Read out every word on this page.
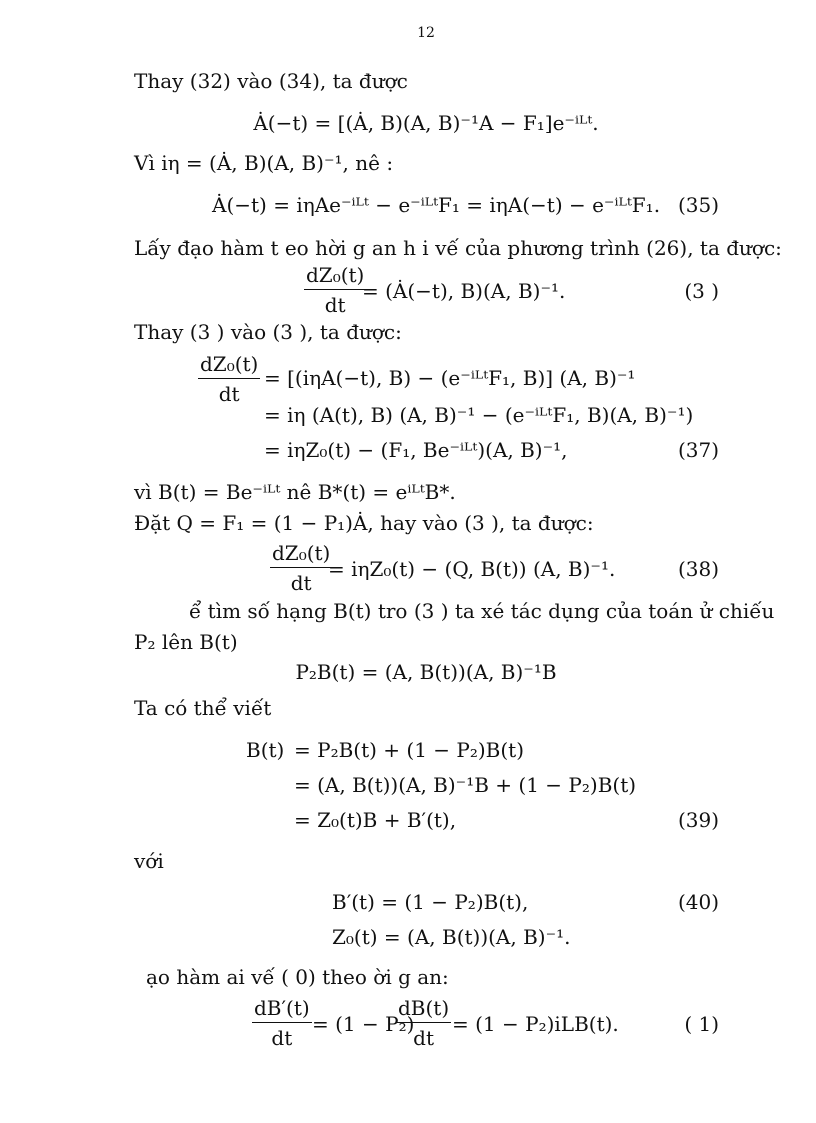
12
Thay (32) vào (34), ta được
Ȧ(−t) = [(Ȧ, B)(A, B)⁻¹A − F₁]e⁻ⁱᴸᵗ.
Vì iη = (Ȧ, B)(A, B)⁻¹, nê :
Ȧ(−t) = iηAe⁻ⁱᴸᵗ − e⁻ⁱᴸᵗF₁ = iηA(−t) − e⁻ⁱᴸᵗF₁. (35)
Lấy đạo hàm t eo hời g an h i vế của phương trình (26), ta được:
$\frac{\text{dZ₀(t)}}{dt}$
= (Ȧ(−t), B)(A, B)⁻¹.	(3 )
Thay (3 ) vào (3 ), ta được:
$\frac{\text{dZ₀(t)}}{dt} = [(i\eta A(-t)$, B) − (e⁻ⁱᴸᵗF₁, B)] (A, B)⁻¹
= iη (A(t), B) (A, B)⁻¹ − (e⁻ⁱᴸᵗF₁, B)(A, B)⁻¹)
= iηZ₀(t) − (F₁, Be⁻ⁱᴸᵗ)(A, B)⁻¹,	(37)
vì B(t) = Be⁻ⁱᴸᵗ nê B*(t) = eⁱᴸᵗB*.
Đặt Q = F₁ = (1 − P₁)Ȧ, hay vào (3 ), ta được:
$\frac{\text{dZ₀(t)}}{dt}$
= iηZ₀(t) − (Q, B(t)) (A, B)⁻¹.	(38)
ể tìm số hạng B(t) tro (3 ) ta xé tác dụng của toán ử chiếu
P₂ lên B(t)
P₂B(t) = (A, B(t))(A, B)⁻¹B
Ta có thể viết
B(t) = P₂B(t) + (1 − P₂)B(t)
= (A, B(t))(A, B)⁻¹B + (1 − P₂)B(t)
= Z₀(t)B + B′(t),	(39)
với
B′(t) = (1 − P₂)B(t),
Z₀(t) = (A, B(t))(A, B)⁻¹.
(40)
ạo hàm ai vế ( 0) theo ời g an:
$\frac{dB'(t)}{dt} = (1 - P_2)$
$\frac{dB(t)}{dt} = (1 - P_2)iLB(t)$.	( 1)
